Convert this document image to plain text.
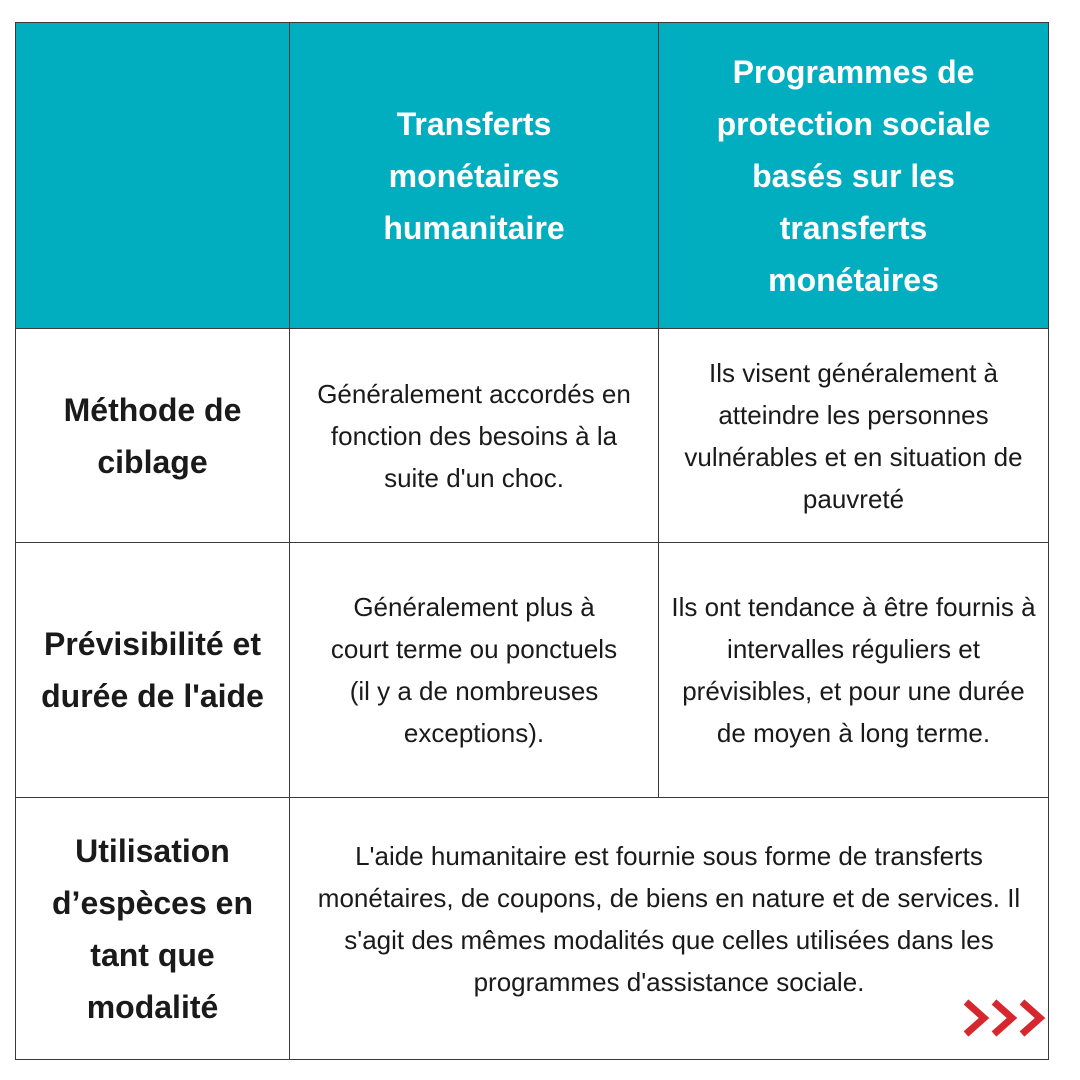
	Transferts monétaires humanitaire	Programmes de protection sociale basés sur les transferts monétaires

Méthode de ciblage	Généralement accordés en fonction des besoins à la suite d'un choc.	Ils visent généralement à atteindre les personnes vulnérables et en situation de pauvreté

Prévisibilité et durée de l'aide	Généralement plus à court terme ou ponctuels (il y a de nombreuses exceptions).	Ils ont tendance à être fournis à intervalles réguliers et prévisibles, et pour une durée de moyen à long terme.

Utilisation d’espèces en tant que modalité	L'aide humanitaire est fournie sous forme de transferts monétaires, de coupons, de biens en nature et de services. Il s'agit des mêmes modalités que celles utilisées dans les programmes d'assistance sociale.	
